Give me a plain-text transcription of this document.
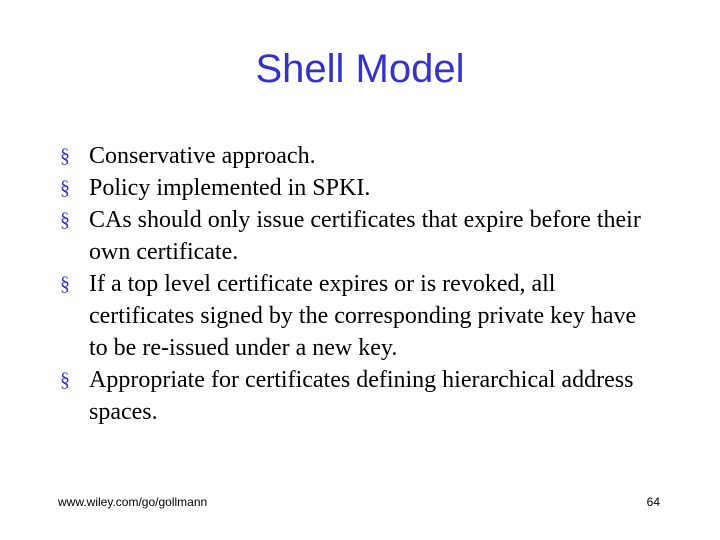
Shell Model
§ Conservative approach.
§ Policy implemented in SPKI.
§ CAs should only issue certificates that expire before their own certificate.
§ If a top level certificate expires or is revoked, all certificates signed by the corresponding private key have to be re-issued under a new key.
§ Appropriate for certificates defining hierarchical address spaces.
www.wiley.com/go/gollmann	64
